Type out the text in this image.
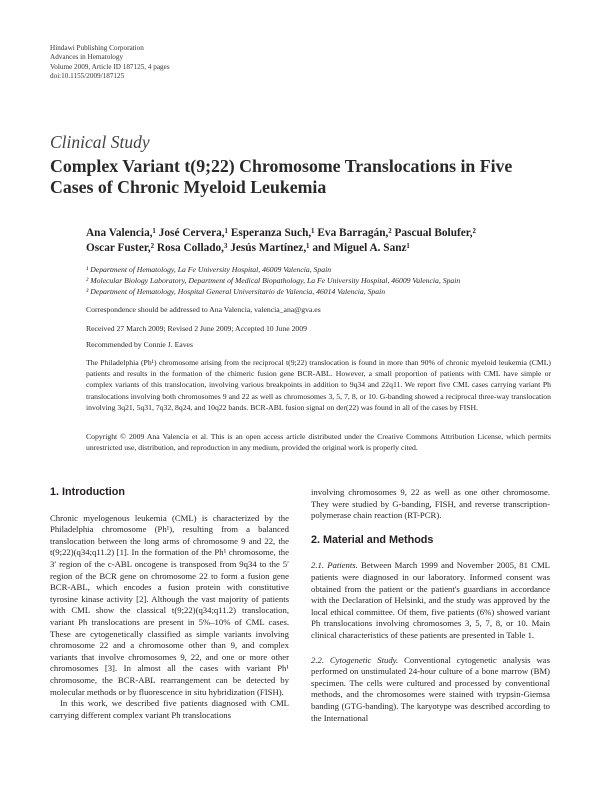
Hindawi Publishing Corporation
Advances in Hematology
Volume 2009, Article ID 187125, 4 pages
doi:10.1155/2009/187125
Clinical Study
Complex Variant t(9;22) Chromosome Translocations in Five Cases of Chronic Myeloid Leukemia
Ana Valencia,¹ José Cervera,¹ Esperanza Such,¹ Eva Barragán,² Pascual Bolufer,²
Oscar Fuster,² Rosa Collado,³ Jesús Martínez,¹ and Miguel A. Sanz¹
¹ Department of Hematology, La Fe University Hospital, 46009 Valencia, Spain
² Molecular Biology Laboratory, Department of Medical Biopathology, La Fe University Hospital, 46009 Valencia, Spain
³ Department of Hematology, Hospital General Universitario de Valencia, 46014 Valencia, Spain
Correspondence should be addressed to Ana Valencia, valencia_ana@gva.es
Received 27 March 2009; Revised 2 June 2009; Accepted 10 June 2009
Recommended by Connie J. Eaves
The Philadelphia (Ph¹) chromosome arising from the reciprocal t(9;22) translocation is found in more than 90% of chronic myeloid leukemia (CML) patients and results in the formation of the chimeric fusion gene BCR-ABL. However, a small proportion of patients with CML have simple or complex variants of this translocation, involving various breakpoints in addition to 9q34 and 22q11. We report five CML cases carrying variant Ph translocations involving both chromosomes 9 and 22 as well as chromosomes 3, 5, 7, 8, or 10. G-banding showed a reciprocal three-way translocation involving 3q21, 5q31, 7q32, 8q24, and 10q22 bands. BCR-ABL fusion signal on der(22) was found in all of the cases by FISH.
Copyright © 2009 Ana Valencia et al. This is an open access article distributed under the Creative Commons Attribution License, which permits unrestricted use, distribution, and reproduction in any medium, provided the original work is properly cited.
1. Introduction

Chronic myelogenous leukemia (CML) is characterized by the Philadelphia chromosome (Ph¹), resulting from a balanced translocation between the long arms of chromosome 9 and 22, the t(9;22)(q34;q11.2) [1]. In the formation of the Ph¹ chromosome, the 3′ region of the c-ABL oncogene is transposed from 9q34 to the 5′ region of the BCR gene on chromosome 22 to form a fusion gene BCR-ABL, which encodes a fusion protein with constitutive tyrosine kinase activity [2]. Although the vast majority of patients with CML show the classical t(9;22)(q34;q11.2) translocation, variant Ph translocations are present in 5%–10% of CML cases. These are cytogenetically classified as simple variants involving chromosome 22 and a chromosome other than 9, and complex variants that involve chromosomes 9, 22, and one or more other chromosomes [3]. In almost all the cases with variant Ph¹ chromosome, the BCR-ABL rearrangement can be detected by molecular methods or by fluorescence in situ hybridization (FISH).

In this work, we described five patients diagnosed with CML carrying different complex variant Ph translocations

involving chromosomes 9, 22 as well as one other chromosome. They were studied by G-banding, FISH, and reverse transcription-polymerase chain reaction (RT-PCR).

2. Material and Methods

2.1. Patients. Between March 1999 and November 2005, 81 CML patients were diagnosed in our laboratory. Informed consent was obtained from the patient or the patient's guardians in accordance with the Declaration of Helsinki, and the study was approved by the local ethical committee. Of them, five patients (6%) showed variant Ph translocations involving chromosomes 3, 5, 7, 8, or 10. Main clinical characteristics of these patients are presented in Table 1.

2.2. Cytogenetic Study. Conventional cytogenetic analysis was performed on unstimulated 24-hour culture of a bone marrow (BM) specimen. The cells were cultured and processed by conventional methods, and the chromosomes were stained with trypsin-Giemsa banding (GTG-banding). The karyotype was described according to the International
